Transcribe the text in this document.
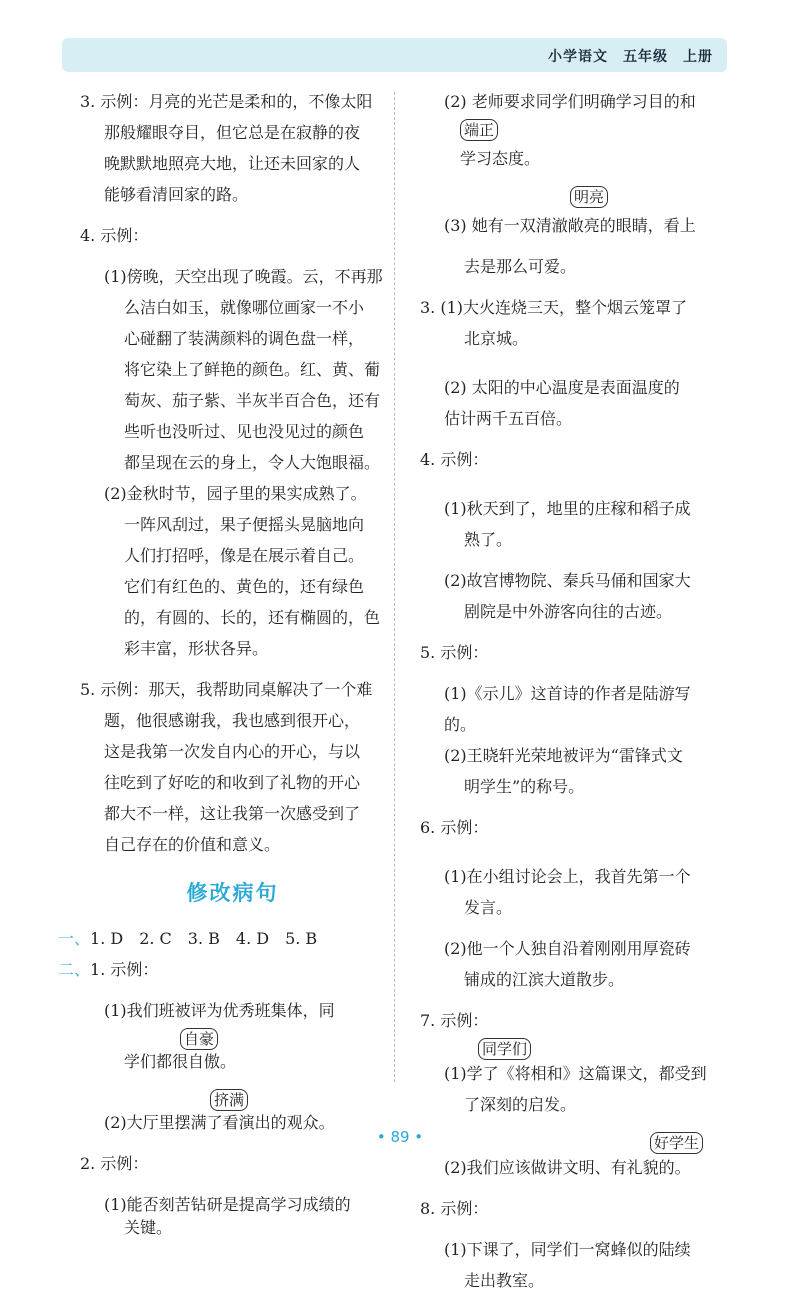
小学语文　五年级　上册

3. 示例：月亮的光芒是柔和的，不像太阳

那般耀眼夺目，但它总是在寂静的夜

晚默默地照亮大地，让还未回家的人

能够看清回家的路。

4. 示例：

(1)傍晚，天空出现了晚霞。云，不再那

么洁白如玉，就像哪位画家一不小

心碰翻了装满颜料的调色盘一样，

将它染上了鲜艳的颜色。红、黄、葡

萄灰、茄子紫、半灰半百合色，还有

些听也没听过、见也没见过的颜色

都呈现在云的身上，令人大饱眼福。

(2)金秋时节，园子里的果实成熟了。

一阵风刮过，果子便摇头晃脑地向

人们打招呼，像是在展示着自己。

它们有红色的、黄色的，还有绿色

的，有圆的、长的，还有椭圆的，色

彩丰富，形状各异。

5. 示例：那天，我帮助同桌解决了一个难

题，他很感谢我，我也感到很开心，

这是我第一次发自内心的开心，与以

往吃到了好吃的和收到了礼物的开心

都大不一样，这让我第一次感受到了

自己存在的价值和意义。

修改病句

一、1. D　2. C　3. B　4. D　5. B

二、1. 示例：

(1)我们班被评为优秀班集体，同

自豪

学们都很自傲。

挤满

(2)大厅里摆满了看演出的观众。

2. 示例：

(1)能否刻苦钻研是提高学习成绩的

关键。

(2) 老师要求同学们明确学习目的和

端正

学习态度。

明亮

(3) 她有一双清澈敞亮的眼睛，看上

去是那么可爱。

3. (1)大火连烧三天，整个烟云笼罩了

北京城。

(2) 太阳的中心温度是表面温度的

估计两千五百倍。

4. 示例：

(1)秋天到了，地里的庄稼和稻子成

熟了。

(2)故宫博物院、秦兵马俑和国家大

剧院是中外游客向往的古迹。

5. 示例：

(1)《示儿》这首诗的作者是陆游写的。

(2)王晓轩光荣地被评为“雷锋式文

明学生”的称号。

6. 示例：

(1)在小组讨论会上，我首先第一个

发言。

(2)他一个人独自沿着刚刚用厚瓷砖

铺成的江滨大道散步。

7. 示例：

同学们

(1)学了《将相和》这篇课文，都受到

了深刻的启发。

好学生

(2)我们应该做讲文明、有礼貌的。

8. 示例：

(1)下课了，同学们一窝蜂似的陆续

走出教室。

• 89 •
